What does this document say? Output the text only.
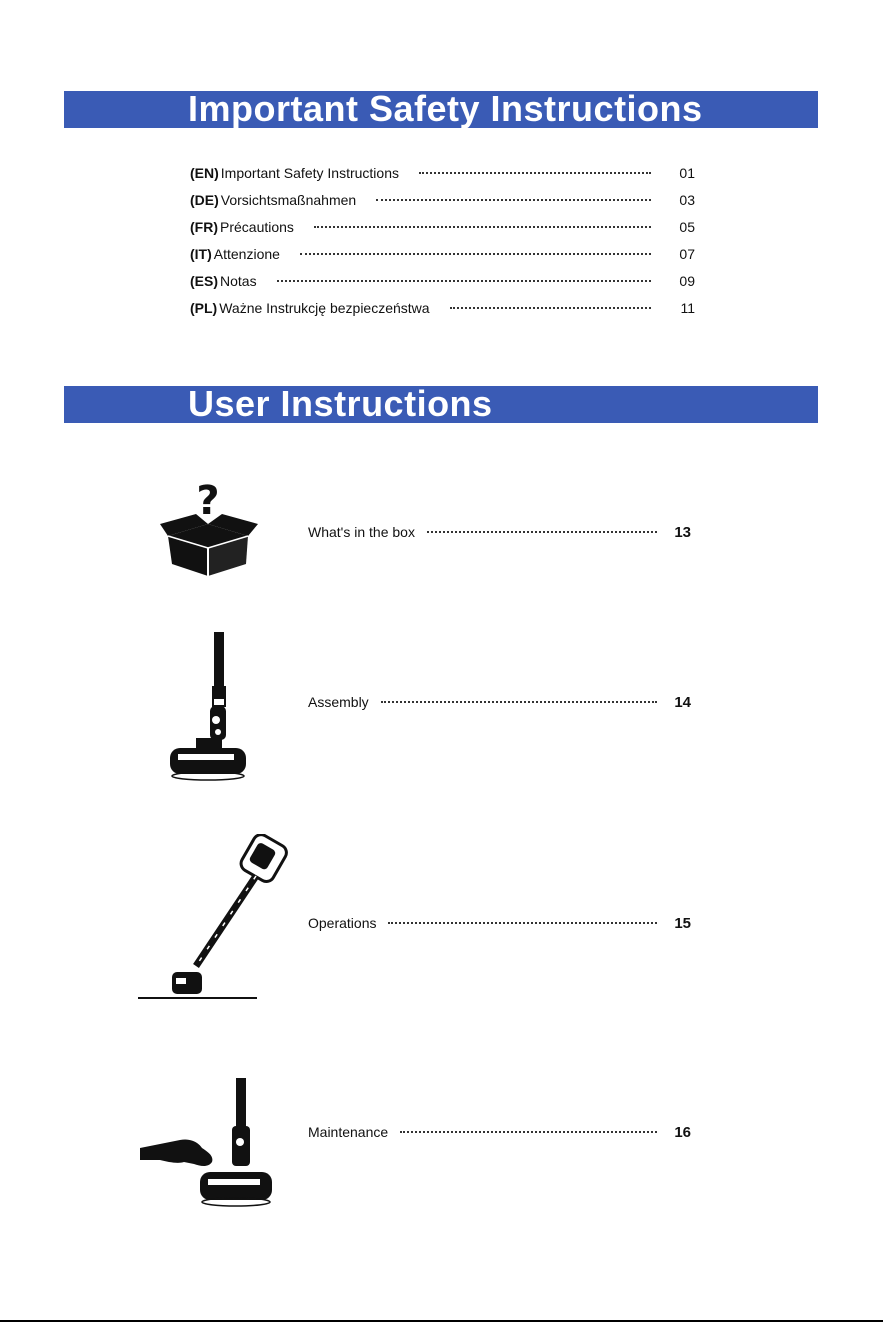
Important Safety Instructions
(EN) Important Safety Instructions	01
(DE) Vorsichtsmaßnahmen	03
(FR) Précautions	05
(IT) Attenzione	07
(ES) Notas	09
(PL) Ważne Instrukcję bezpieczeństwa	11
User Instructions
?
What's in the box	13
Assembly	14
Operations	15
Maintenance	16
